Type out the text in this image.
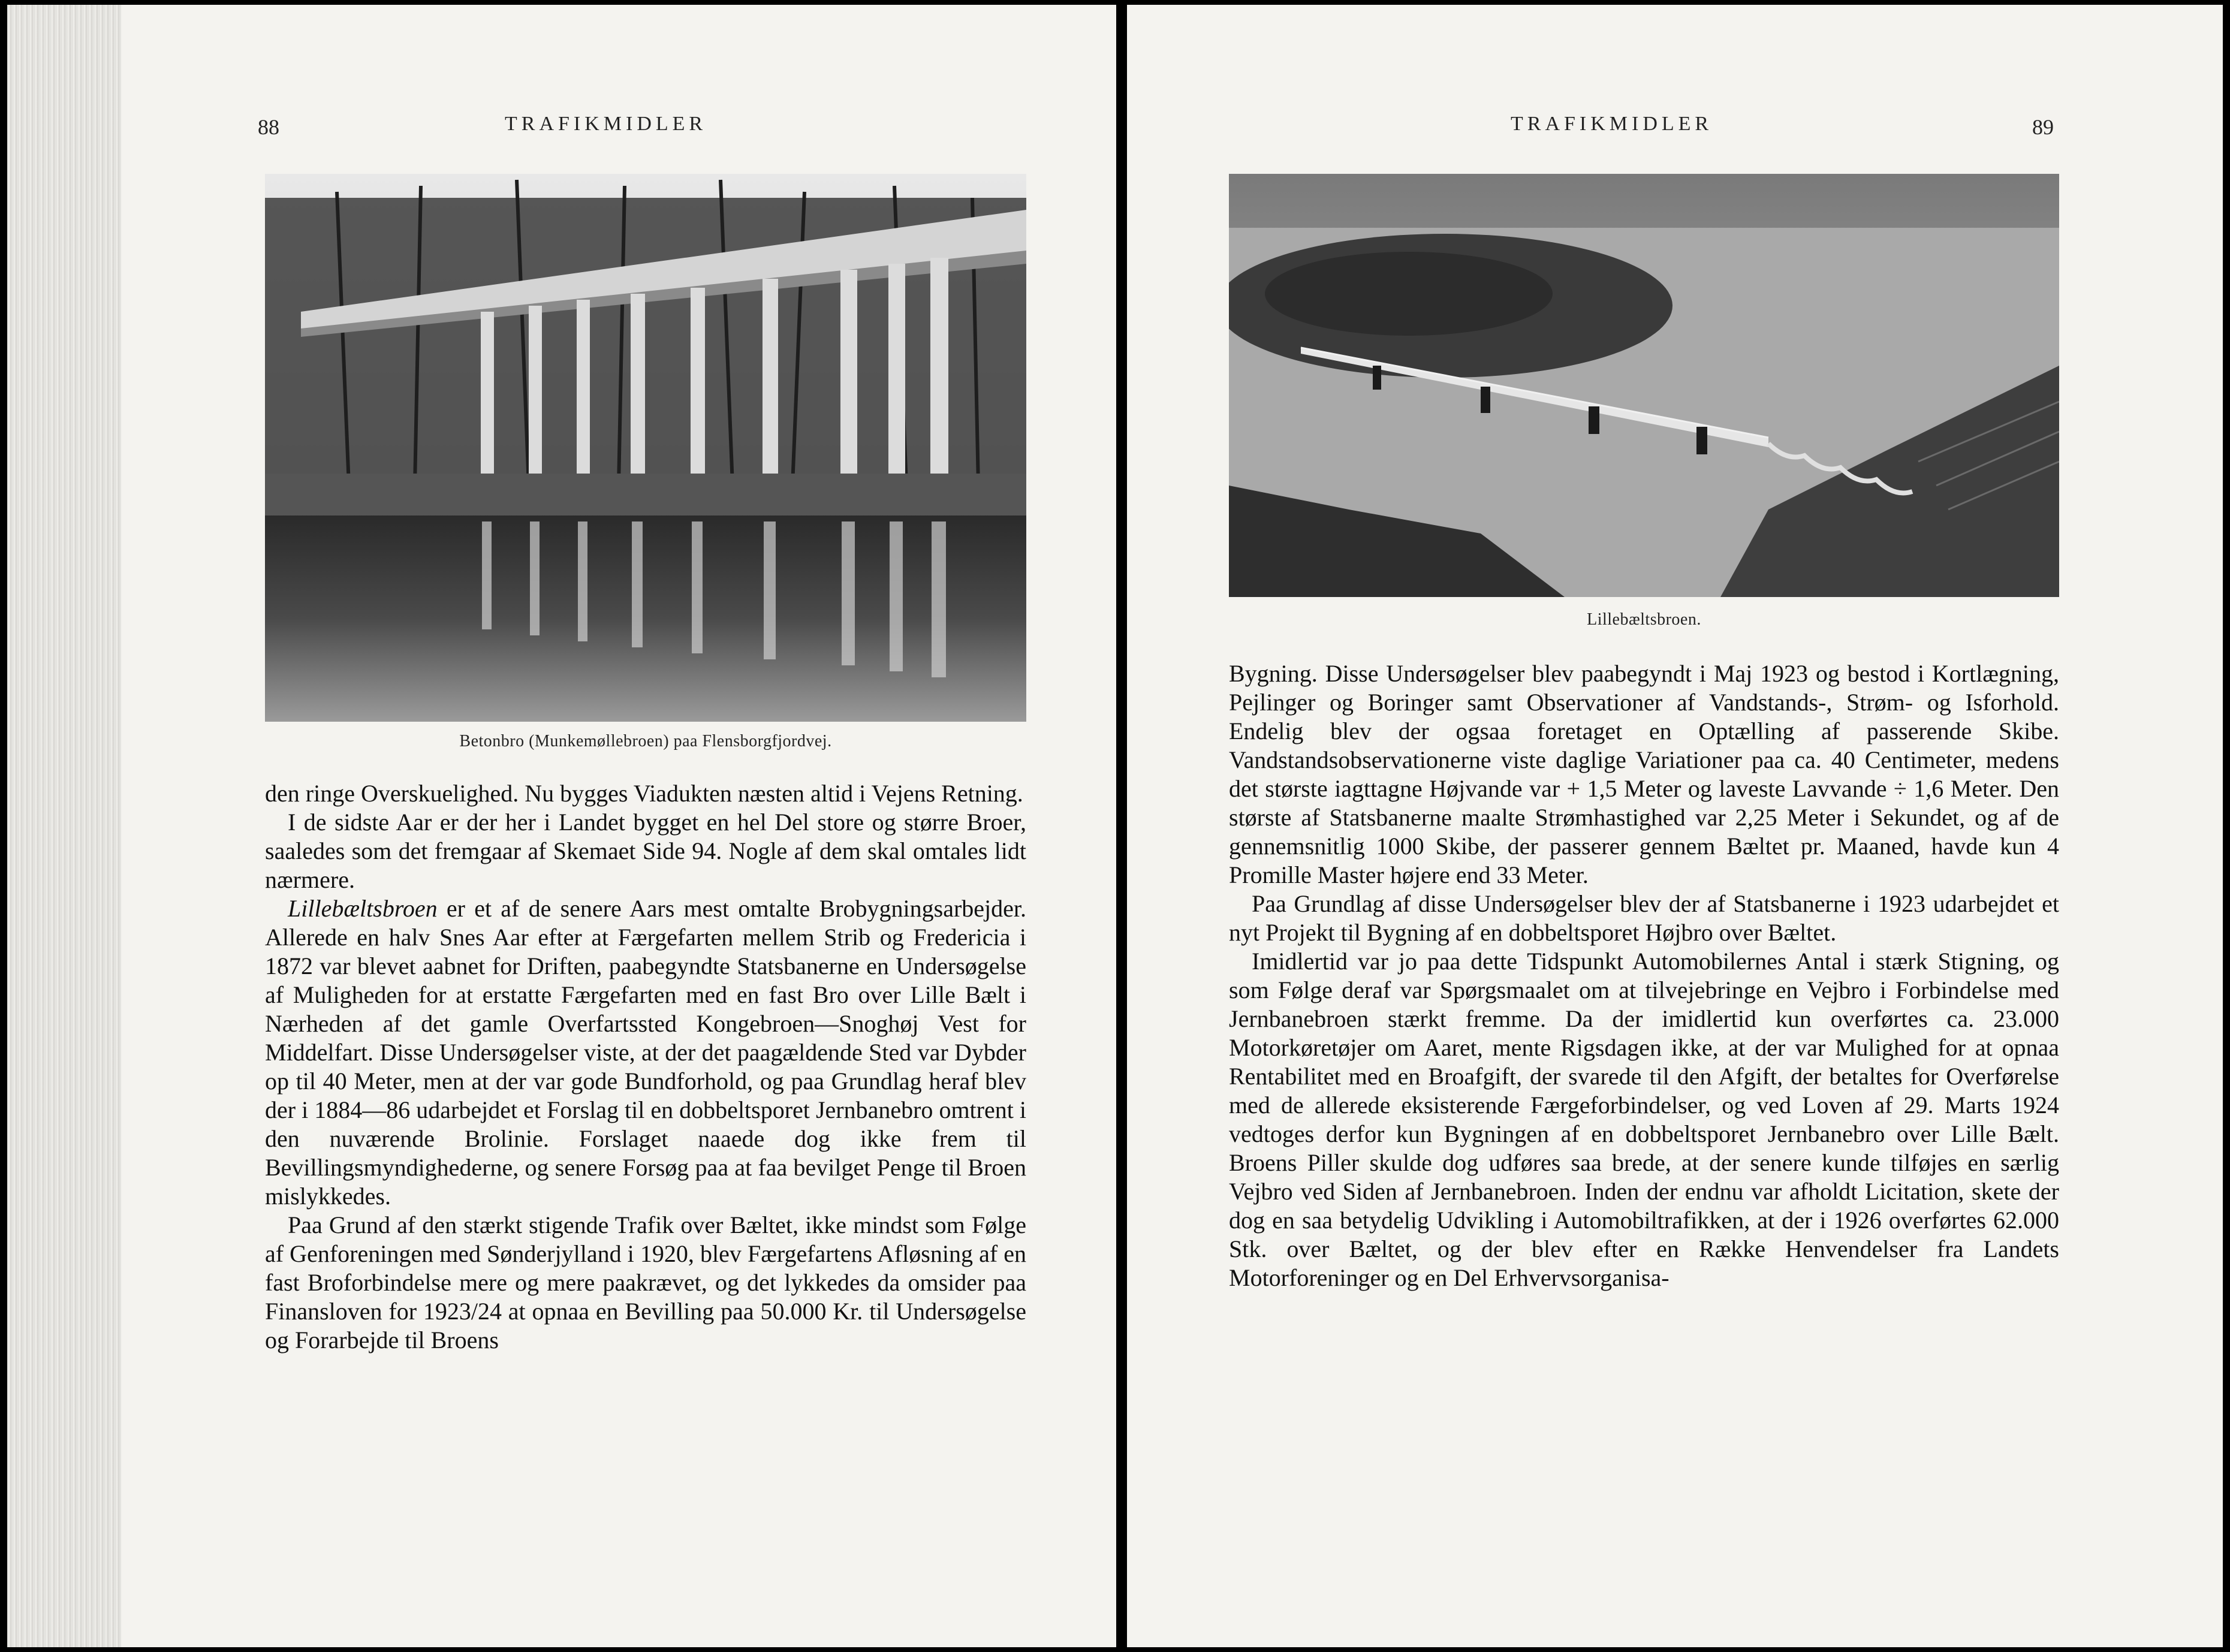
88	TRAFIKMIDLER
Betonbro (Munkemøllebroen) paa Flensborgfjordvej.

den ringe Overskuelighed. Nu bygges Viadukten næsten altid i Vejens Retning.

I de sidste Aar er der her i Landet bygget en hel Del store og større Broer, saaledes som det fremgaar af Skemaet Side 94. Nogle af dem skal omtales lidt nærmere.

Lillebæltsbroen er et af de senere Aars mest omtalte Brobygningsarbejder. Allerede en halv Snes Aar efter at Færgefarten mellem Strib og Fredericia i 1872 var blevet aabnet for Driften, paabegyndte Statsbanerne en Undersøgelse af Muligheden for at erstatte Færgefarten med en fast Bro over Lille Bælt i Nærheden af det gamle Overfartssted Kongebroen—Snoghøj Vest for Middelfart. Disse Undersøgelser viste, at der det paagældende Sted var Dybder op til 40 Meter, men at der var gode Bundforhold, og paa Grundlag heraf blev der i 1884—86 udarbejdet et Forslag til en dobbeltsporet Jernbanebro omtrent i den nuværende Brolinie. Forslaget naaede dog ikke frem til Bevillingsmyndighederne, og senere Forsøg paa at faa bevilget Penge til Broen mislykkedes.

Paa Grund af den stærkt stigende Trafik over Bæltet, ikke mindst som Følge af Genforeningen med Sønderjylland i 1920, blev Færgefartens Afløsning af en fast Broforbindelse mere og mere paakrævet, og det lykkedes da omsider paa Finansloven for 1923/24 at opnaa en Bevilling paa 50.000 Kr. til Undersøgelse og Forarbejde til Broens

TRAFIKMIDLER	89
Lillebæltsbroen.

Bygning. Disse Undersøgelser blev paabegyndt i Maj 1923 og bestod i Kortlægning, Pejlinger og Boringer samt Observationer af Vandstands-, Strøm- og Isforhold. Endelig blev der ogsaa foretaget en Optælling af passerende Skibe. Vandstandsobservationerne viste daglige Variationer paa ca. 40 Centimeter, medens det største iagttagne Højvande var + 1,5 Meter og laveste Lavvande ÷ 1,6 Meter. Den største af Statsbanerne maalte Strømhastighed var 2,25 Meter i Sekundet, og af de gennemsnitlig 1000 Skibe, der passerer gennem Bæltet pr. Maaned, havde kun 4 Promille Master højere end 33 Meter.

Paa Grundlag af disse Undersøgelser blev der af Statsbanerne i 1923 udarbejdet et nyt Projekt til Bygning af en dobbeltsporet Højbro over Bæltet.

Imidlertid var jo paa dette Tidspunkt Automobilernes Antal i stærk Stigning, og som Følge deraf var Spørgsmaalet om at tilvejebringe en Vejbro i Forbindelse med Jernbanebroen stærkt fremme. Da der imidlertid kun overførtes ca. 23.000 Motorkøretøjer om Aaret, mente Rigsdagen ikke, at der var Mulighed for at opnaa Rentabilitet med en Broafgift, der svarede til den Afgift, der betaltes for Overførelse med de allerede eksisterende Færgeforbindelser, og ved Loven af 29. Marts 1924 vedtoges derfor kun Bygningen af en dobbeltsporet Jernbanebro over Lille Bælt. Broens Piller skulde dog udføres saa brede, at der senere kunde tilføjes en særlig Vejbro ved Siden af Jernbanebroen. Inden der endnu var afholdt Licitation, skete der dog en saa betydelig Udvikling i Automobiltrafikken, at der i 1926 overførtes 62.000 Stk. over Bæltet, og der blev efter en Række Henvendelser fra Landets Motorforeninger og en Del Erhvervsorganisa-
